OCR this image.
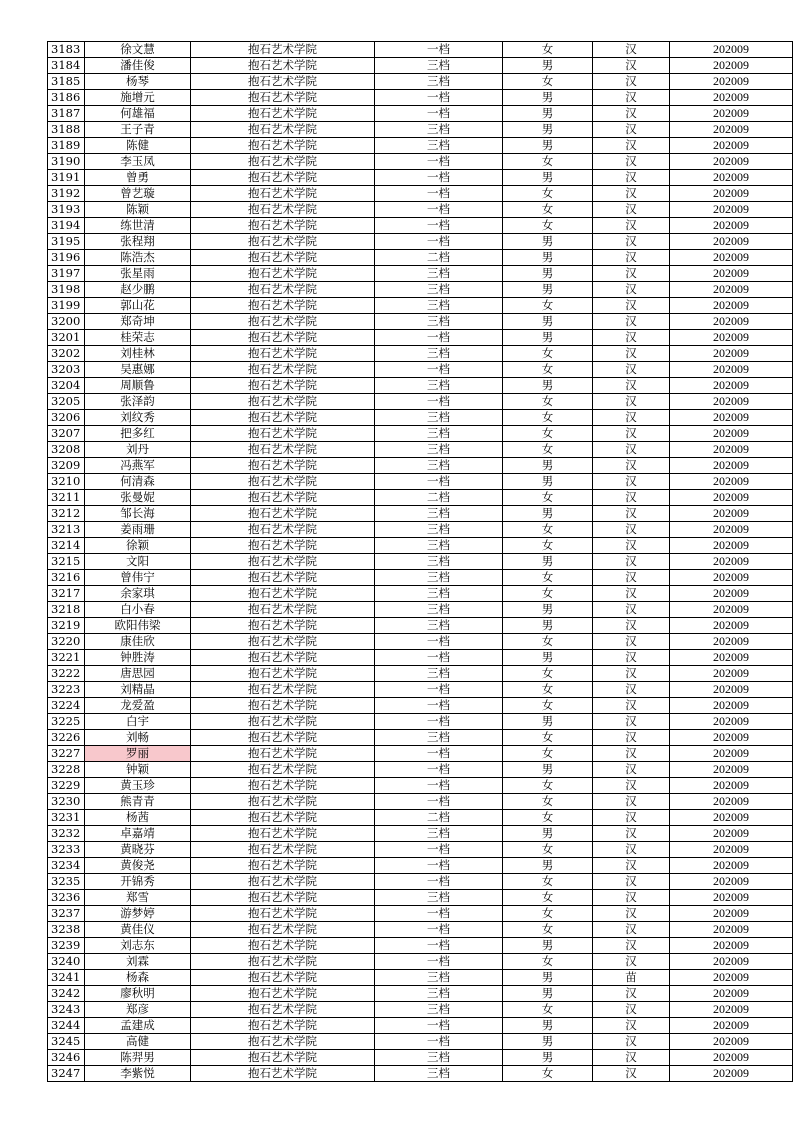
3183	徐文慧	抱石艺术学院	一档	女	汉	202009
3184	潘佳俊	抱石艺术学院	三档	男	汉	202009
3185	杨琴	抱石艺术学院	三档	女	汉	202009
3186	施增元	抱石艺术学院	一档	男	汉	202009
3187	何雄福	抱石艺术学院	一档	男	汉	202009
3188	王子青	抱石艺术学院	三档	男	汉	202009
3189	陈健	抱石艺术学院	三档	男	汉	202009
3190	李玉凤	抱石艺术学院	一档	女	汉	202009
3191	曾勇	抱石艺术学院	一档	男	汉	202009
3192	曾艺璇	抱石艺术学院	一档	女	汉	202009
3193	陈颖	抱石艺术学院	一档	女	汉	202009
3194	练世清	抱石艺术学院	一档	女	汉	202009
3195	张程翔	抱石艺术学院	一档	男	汉	202009
3196	陈浩杰	抱石艺术学院	二档	男	汉	202009
3197	张星雨	抱石艺术学院	三档	男	汉	202009
3198	赵少鹏	抱石艺术学院	三档	男	汉	202009
3199	郭山花	抱石艺术学院	三档	女	汉	202009
3200	郑奇坤	抱石艺术学院	三档	男	汉	202009
3201	桂荣志	抱石艺术学院	一档	男	汉	202009
3202	刘桂林	抱石艺术学院	三档	女	汉	202009
3203	吴惠娜	抱石艺术学院	一档	女	汉	202009
3204	周顺鲁	抱石艺术学院	三档	男	汉	202009
3205	张泽韵	抱石艺术学院	一档	女	汉	202009
3206	刘纹秀	抱石艺术学院	三档	女	汉	202009
3207	把多红	抱石艺术学院	三档	女	汉	202009
3208	刘丹	抱石艺术学院	三档	女	汉	202009
3209	冯燕军	抱石艺术学院	三档	男	汉	202009
3210	何清森	抱石艺术学院	一档	男	汉	202009
3211	张曼妮	抱石艺术学院	二档	女	汉	202009
3212	邹长海	抱石艺术学院	三档	男	汉	202009
3213	姜雨珊	抱石艺术学院	三档	女	汉	202009
3214	徐颖	抱石艺术学院	三档	女	汉	202009
3215	文阳	抱石艺术学院	三档	男	汉	202009
3216	曾伟宁	抱石艺术学院	三档	女	汉	202009
3217	余家琪	抱石艺术学院	三档	女	汉	202009
3218	白小春	抱石艺术学院	三档	男	汉	202009
3219	欧阳伟梁	抱石艺术学院	三档	男	汉	202009
3220	康佳欣	抱石艺术学院	一档	女	汉	202009
3221	钟胜涛	抱石艺术学院	一档	男	汉	202009
3222	唐思园	抱石艺术学院	三档	女	汉	202009
3223	刘精晶	抱石艺术学院	一档	女	汉	202009
3224	龙爱盈	抱石艺术学院	一档	女	汉	202009
3225	白宇	抱石艺术学院	一档	男	汉	202009
3226	刘畅	抱石艺术学院	三档	女	汉	202009
3227	罗丽	抱石艺术学院	一档	女	汉	202009
3228	钟颖	抱石艺术学院	一档	男	汉	202009
3229	黄玉珍	抱石艺术学院	一档	女	汉	202009
3230	熊青青	抱石艺术学院	一档	女	汉	202009
3231	杨茜	抱石艺术学院	二档	女	汉	202009
3232	卓嘉靖	抱石艺术学院	三档	男	汉	202009
3233	黄晓芬	抱石艺术学院	一档	女	汉	202009
3234	黄俊尧	抱石艺术学院	一档	男	汉	202009
3235	开锦秀	抱石艺术学院	一档	女	汉	202009
3236	郑雪	抱石艺术学院	三档	女	汉	202009
3237	游梦婷	抱石艺术学院	一档	女	汉	202009
3238	黄佳仪	抱石艺术学院	一档	女	汉	202009
3239	刘志东	抱石艺术学院	一档	男	汉	202009
3240	刘霖	抱石艺术学院	一档	女	汉	202009
3241	杨森	抱石艺术学院	三档	男	苗	202009
3242	廖秋明	抱石艺术学院	三档	男	汉	202009
3243	郑彦	抱石艺术学院	三档	女	汉	202009
3244	孟建成	抱石艺术学院	一档	男	汉	202009
3245	高健	抱石艺术学院	一档	男	汉	202009
3246	陈羿男	抱石艺术学院	三档	男	汉	202009
3247	李紫悦	抱石艺术学院	三档	女	汉	202009
